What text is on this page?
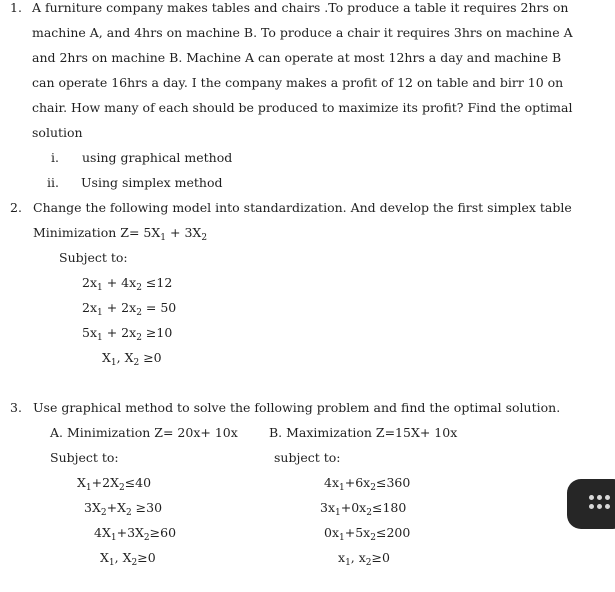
1. A furniture company makes tables and chairs .To produce a table it requires 2hrs on
machine A, and 4hrs on machine B. To produce a chair it requires 3hrs on machine A
and 2hrs on machine B. Machine A can operate at most 12hrs a day and machine B
can operate 16hrs a day. I the company makes a profit of 12 on table and birr 10 on
chair. How many of each should be produced to maximize its profit? Find the optimal
solution
i. using graphical method
ii. Using simplex method
2. Change the following model into standardization. And develop the first simplex table
Minimization $Z= 5X_1 + 3X_2$
Subject to:
$2x_1 + 4x_2 \le 12$
$2x_1 + 2x_2 = 50$
$5x_1 + 2x_2 \ge 10$
$X_1$, $X_2 \ge 0$
3. Use graphical method to solve the following problem and find the optimal solution.
A. Minimization Z= 20x+ 10x B. Maximization Z=15X+ 10x
Subject to:	subject to:
$X_1+2X_2\le 40$
$3X_2+X_2 \ge 30$
$4X_1+3X_2\ge 60$
$X_1$, $X_2\ge 0$
$4x_1+6x_2\le 360$
$3x_1+0x_2\le 180$
$0x_1+5x_2\le 200$
$x_1$, $x_2\ge 0$
